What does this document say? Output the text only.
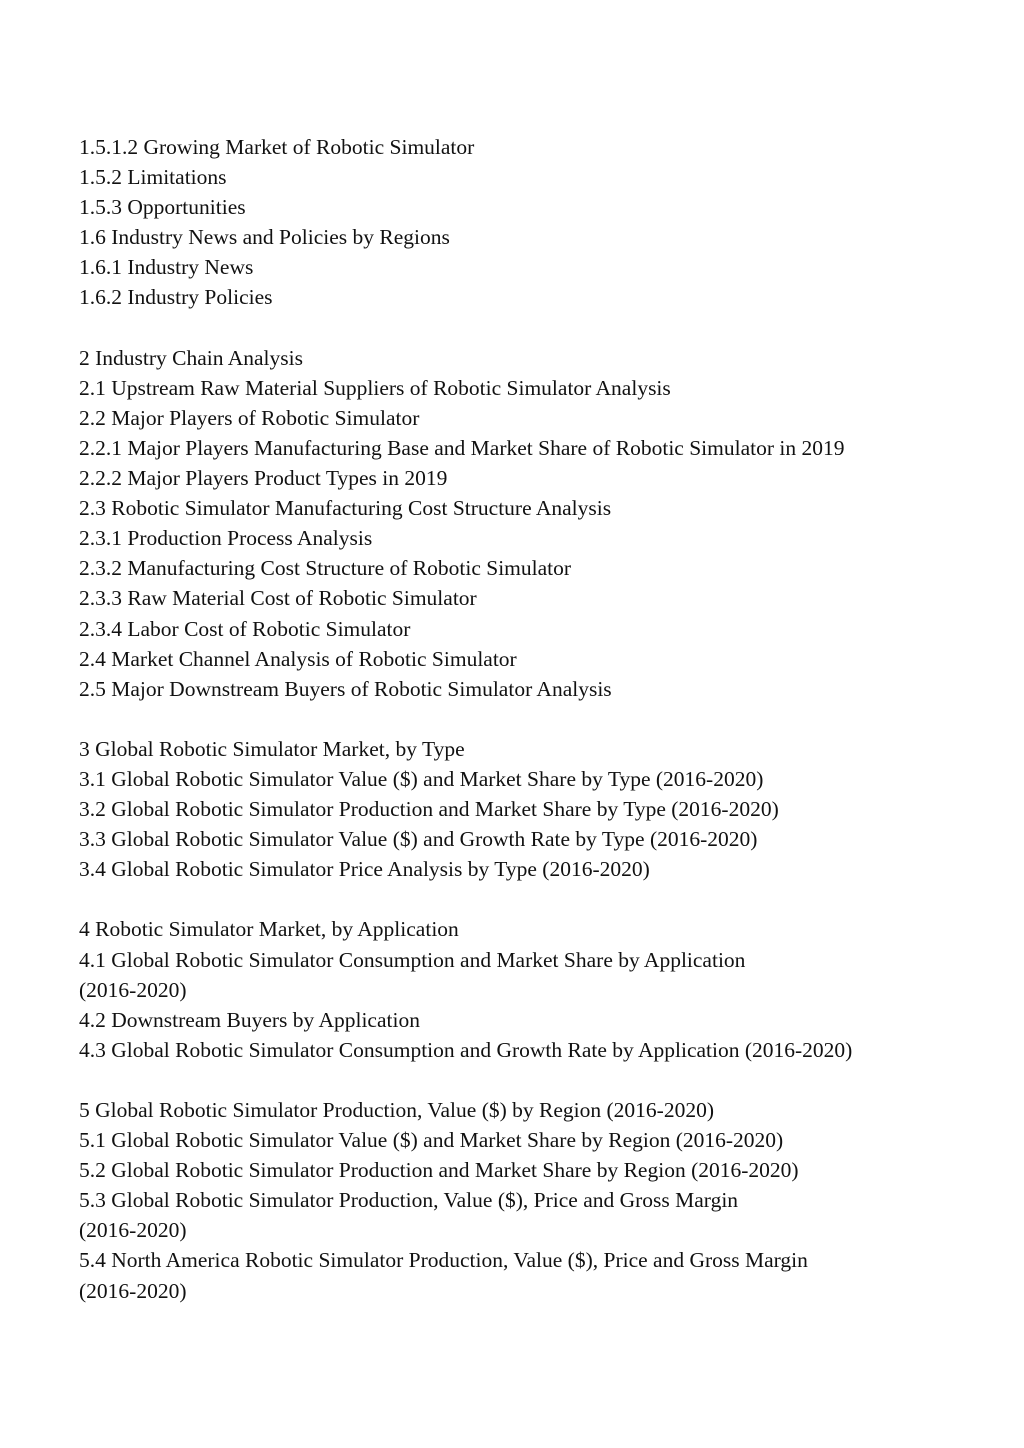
1.5.1.2 Growing Market of Robotic Simulator
1.5.2 Limitations
1.5.3 Opportunities
1.6 Industry News and Policies by Regions
1.6.1 Industry News
1.6.2 Industry Policies
2 Industry Chain Analysis
2.1 Upstream Raw Material Suppliers of Robotic Simulator Analysis
2.2 Major Players of Robotic Simulator
2.2.1 Major Players Manufacturing Base and Market Share of Robotic Simulator in 2019
2.2.2 Major Players Product Types in 2019
2.3 Robotic Simulator Manufacturing Cost Structure Analysis
2.3.1 Production Process Analysis
2.3.2 Manufacturing Cost Structure of Robotic Simulator
2.3.3 Raw Material Cost of Robotic Simulator
2.3.4 Labor Cost of Robotic Simulator
2.4 Market Channel Analysis of Robotic Simulator
2.5 Major Downstream Buyers of Robotic Simulator Analysis
3 Global Robotic Simulator Market, by Type
3.1 Global Robotic Simulator Value ($) and Market Share by Type (2016-2020)
3.2 Global Robotic Simulator Production and Market Share by Type (2016-2020)
3.3 Global Robotic Simulator Value ($) and Growth Rate by Type (2016-2020)
3.4 Global Robotic Simulator Price Analysis by Type (2016-2020)
4 Robotic Simulator Market, by Application
4.1 Global Robotic Simulator Consumption and Market Share by Application
(2016-2020)
4.2 Downstream Buyers by Application
4.3 Global Robotic Simulator Consumption and Growth Rate by Application (2016-2020)
5 Global Robotic Simulator Production, Value ($) by Region (2016-2020)
5.1 Global Robotic Simulator Value ($) and Market Share by Region (2016-2020)
5.2 Global Robotic Simulator Production and Market Share by Region (2016-2020)
5.3 Global Robotic Simulator Production, Value ($), Price and Gross Margin
(2016-2020)
5.4 North America Robotic Simulator Production, Value ($), Price and Gross Margin
(2016-2020)
